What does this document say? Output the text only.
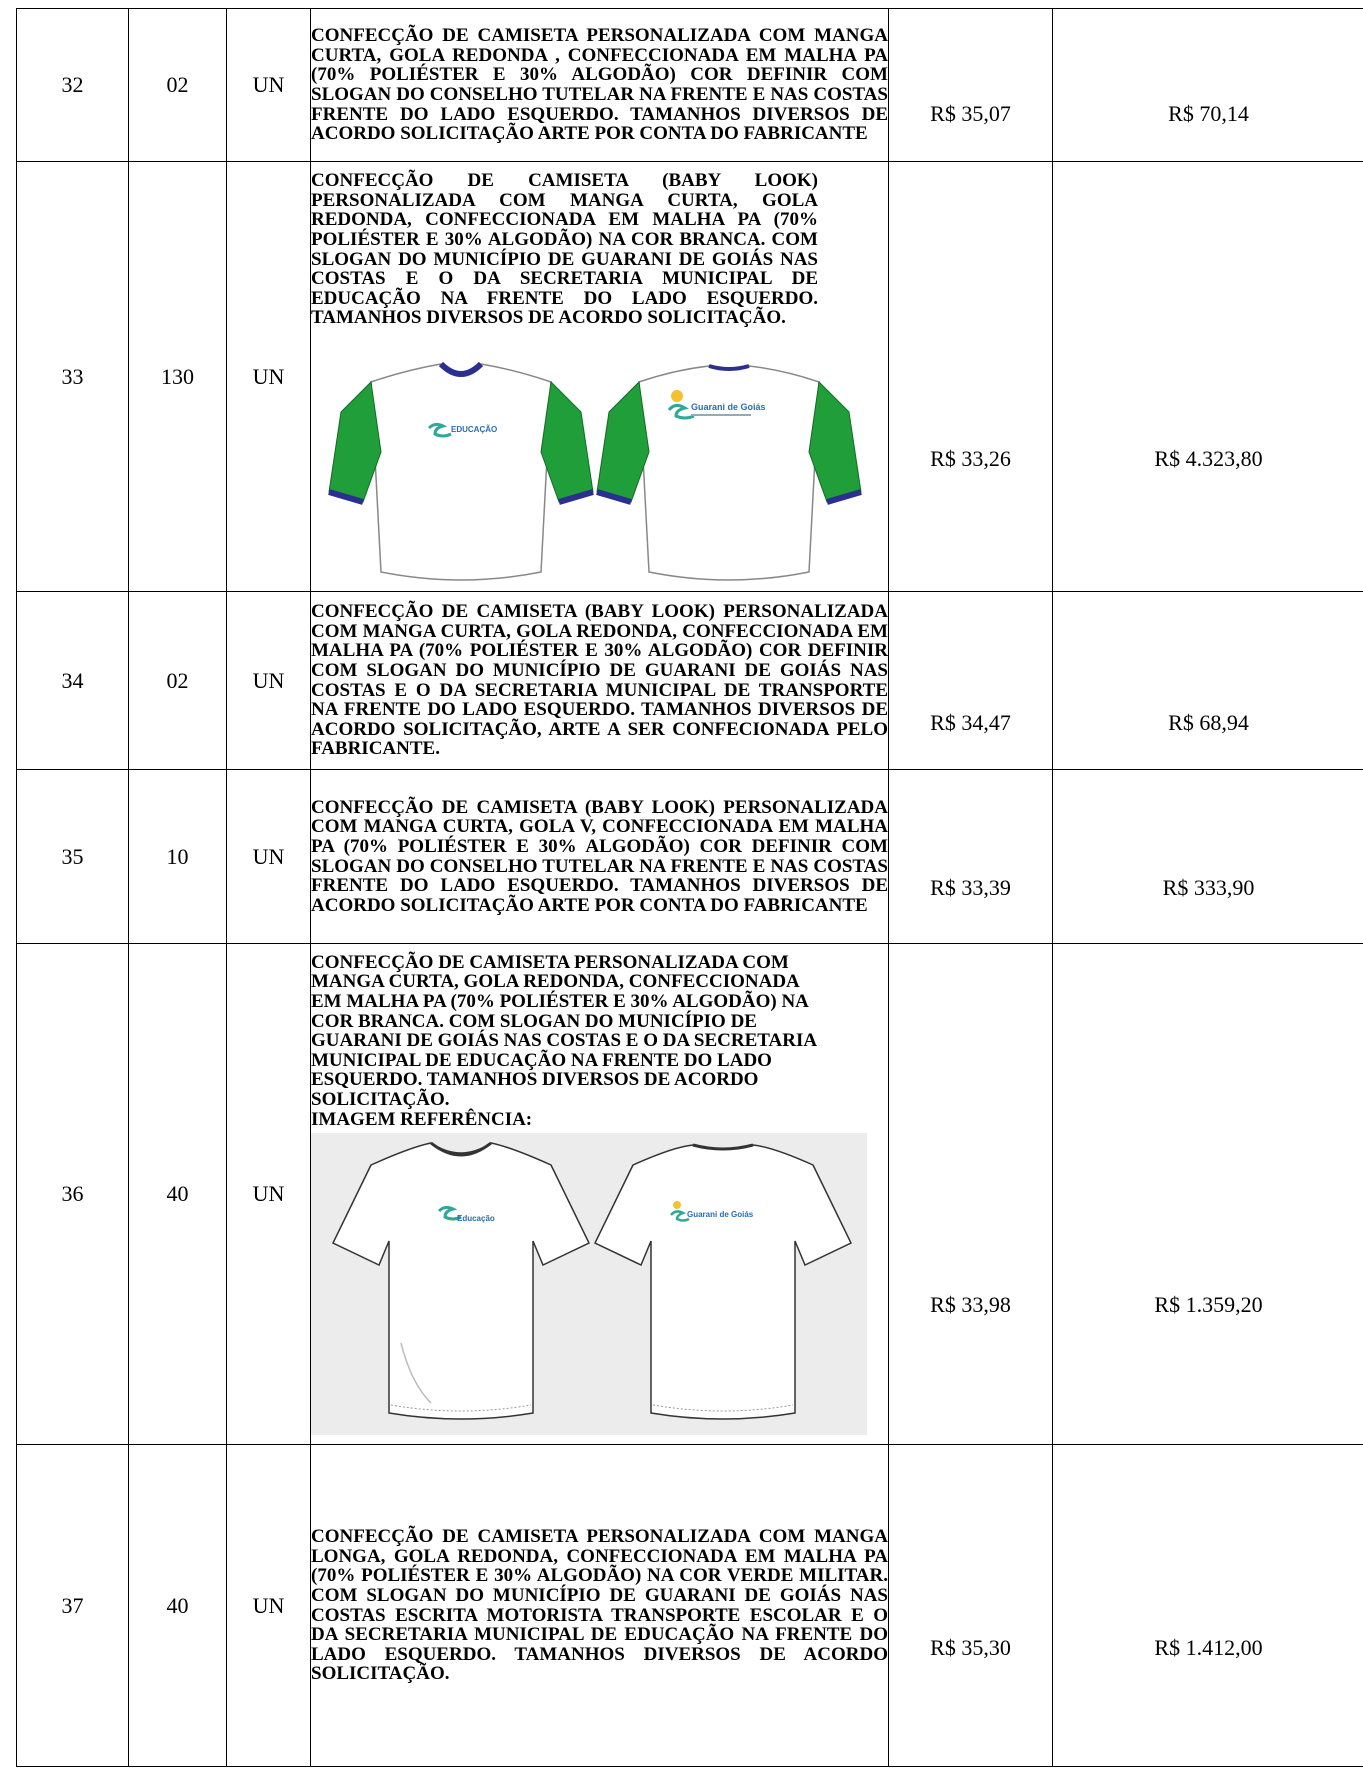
32	02	UN	CONFECÇÃO DE CAMISETA PERSONALIZADA COM MANGA CURTA, GOLA REDONDA , CONFECCIONADA EM MALHA PA (70% POLIÉSTER E 30% ALGODÃO) COR DEFINIR COM SLOGAN DO CONSELHO TUTELAR NA FRENTE E NAS COSTAS FRENTE DO LADO ESQUERDO. TAMANHOS DIVERSOS DE ACORDO SOLICITAÇÃO ARTE POR CONTA DO FABRICANTE	R$ 35,07	R$ 70,14

33	130	UN	CONFECÇÃO DE CAMISETA (BABY LOOK) PERSONALIZADA COM MANGA CURTA, GOLA REDONDA, CONFECCIONADA EM MALHA PA (70% POLIÉSTER E 30% ALGODÃO) NA COR BRANCA. COM SLOGAN DO MUNICÍPIO DE GUARANI DE GOIÁS NAS COSTAS E O DA SECRETARIA MUNICIPAL DE EDUCAÇÃO NA FRENTE DO LADO ESQUERDO. TAMANHOS DIVERSOS DE ACORDO SOLICITAÇÃO.
EDUCAÇÃO
Guarani de Goiás	R$ 33,26	R$ 4.323,80

34	02	UN	CONFECÇÃO DE CAMISETA (BABY LOOK) PERSONALIZADA COM MANGA CURTA, GOLA REDONDA, CONFECCIONADA EM MALHA PA (70% POLIÉSTER E 30% ALGODÃO) COR DEFINIR COM SLOGAN DO MUNICÍPIO DE GUARANI DE GOIÁS NAS COSTAS E O DA SECRETARIA MUNICIPAL DE TRANSPORTE NA FRENTE DO LADO ESQUERDO. TAMANHOS DIVERSOS DE ACORDO SOLICITAÇÃO, ARTE A SER CONFECIONADA PELO FABRICANTE.	R$ 34,47	R$ 68,94

35	10	UN	CONFECÇÃO DE CAMISETA (BABY LOOK) PERSONALIZADA COM MANGA CURTA, GOLA V, CONFECCIONADA EM MALHA PA (70% POLIÉSTER E 30% ALGODÃO) COR DEFINIR COM SLOGAN DO CONSELHO TUTELAR NA FRENTE E NAS COSTAS FRENTE DO LADO ESQUERDO. TAMANHOS DIVERSOS DE ACORDO SOLICITAÇÃO ARTE POR CONTA DO FABRICANTE	R$ 33,39	R$ 333,90

36	40	UN	CONFECÇÃO DE CAMISETA PERSONALIZADA COM MANGA CURTA, GOLA REDONDA, CONFECCIONADA EM MALHA PA (70% POLIÉSTER E 30% ALGODÃO) NA COR BRANCA. COM SLOGAN DO MUNICÍPIO DE GUARANI DE GOIÁS NAS COSTAS E O DA SECRETARIA MUNICIPAL DE EDUCAÇÃO NA FRENTE DO LADO ESQUERDO. TAMANHOS DIVERSOS DE ACORDO SOLICITAÇÃO.
IMAGEM REFERÊNCIA:
Educação Guarani de Goiás	R$ 33,98	R$ 1.359,20

37	40	UN	CONFECÇÃO DE CAMISETA PERSONALIZADA COM MANGA LONGA, GOLA REDONDA, CONFECCIONADA EM MALHA PA (70% POLIÉSTER E 30% ALGODÃO) NA COR VERDE MILITAR. COM SLOGAN DO MUNICÍPIO DE GUARANI DE GOIÁS NAS COSTAS ESCRITA MOTORISTA TRANSPORTE ESCOLAR E O DA SECRETARIA MUNICIPAL DE EDUCAÇÃO NA FRENTE DO LADO ESQUERDO. TAMANHOS DIVERSOS DE ACORDO SOLICITAÇÃO.	R$ 35,30	R$ 1.412,00
